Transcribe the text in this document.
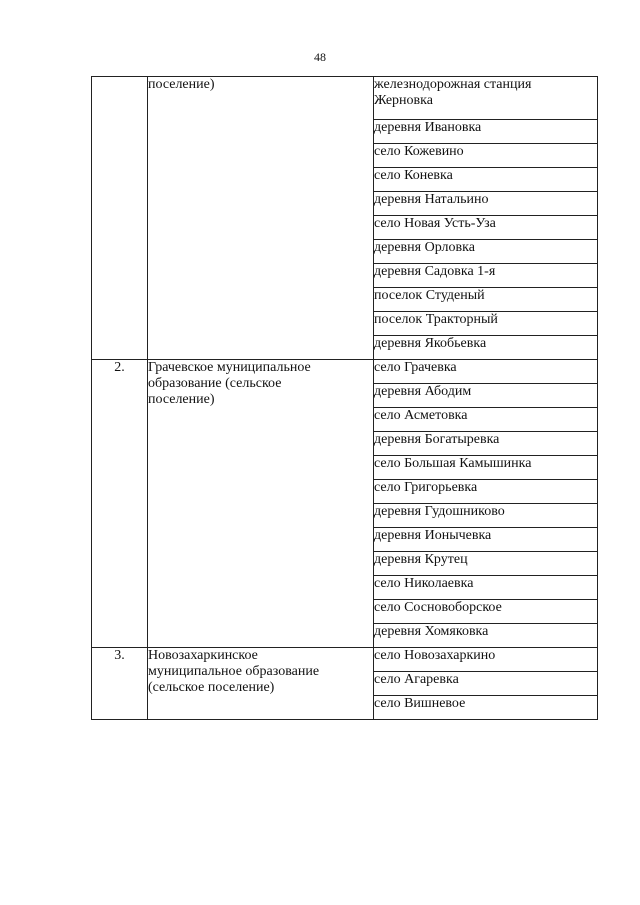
48

	поселение)	железнодорожная станция
Жерновка

		деревня Ивановка

		село Кожевино

		село Коневка

		деревня Натальино

		село Новая Усть-Уза

		деревня Орловка

		деревня Садовка 1-я

		поселок Студеный

		поселок Тракторный

		деревня Якобьевка

2.	Грачевское муниципальное
образование (сельское
поселение)	село Грачевка

		деревня Абодим

		село Асметовка

		деревня Богатыревка

		село Большая Камышинка

		село Григорьевка

		деревня Гудошниково

		деревня Ионычевка

		деревня Крутец

		село Николаевка

		село Сосновоборское

		деревня Хомяковка

3.	Новозахаркинское
муниципальное образование
(сельское поселение)	село Новозахаркино

		село Агаревка

		село Вишневое
